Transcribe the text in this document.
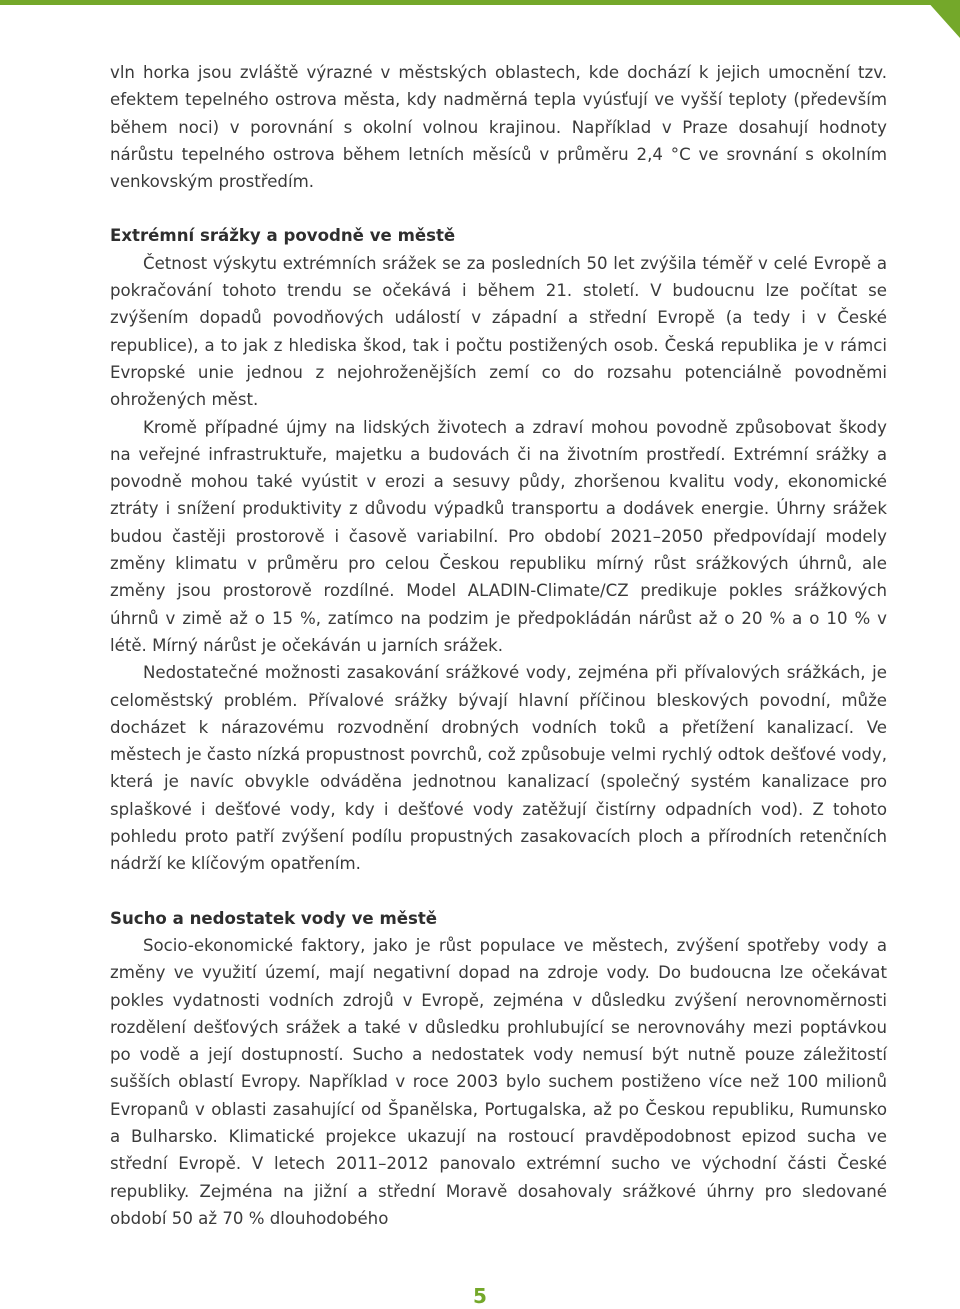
vln horka jsou zvláště výrazné v městských oblastech, kde dochází k jejich umocnění tzv. efektem tepelného ostrova města, kdy nadměrná tepla vyúsťují ve vyšší teploty (především během noci) v porovnání s okolní volnou krajinou. Například v Praze dosahují hodnoty nárůstu tepelného ostrova během letních měsíců v průměru 2,4 °C ve srovnání s okolním venkovským prostředím.

Extrémní srážky a povodně ve městě

Četnost výskytu extrémních srážek se za posledních 50 let zvýšila téměř v celé Evropě a pokračování tohoto trendu se očekává i během 21. století. V budoucnu lze počítat se zvýšením dopadů povodňových událostí v západní a střední Evropě (a tedy i v České republice), a to jak z hlediska škod, tak i počtu postižených osob. Česká republika je v rámci Evropské unie jednou z nejohroženějších zemí co do rozsahu potenciálně povodněmi ohrožených měst.

Kromě případné újmy na lidských životech a zdraví mohou povodně způsobovat škody na veřejné infrastruktuře, majetku a budovách či na životním prostředí. Extrémní srážky a povodně mohou také vyústit v erozi a sesuvy půdy, zhoršenou kvalitu vody, ekonomické ztráty i snížení produktivity z důvodu výpadků transportu a dodávek energie. Úhrny srážek budou častěji prostorově i časově variabilní. Pro období 2021–2050 předpovídají modely změny klimatu v průměru pro celou Českou republiku mírný růst srážkových úhrnů, ale změny jsou prostorově rozdílné. Model ALADIN-Climate/CZ predikuje pokles srážkových úhrnů v zimě až o 15 %, zatímco na podzim je předpokládán nárůst až o 20 % a o 10 % v létě. Mírný nárůst je očekáván u jarních srážek.

Nedostatečné možnosti zasakování srážkové vody, zejména při přívalových srážkách, je celoměstský problém. Přívalové srážky bývají hlavní příčinou bleskových povodní, může docházet k nárazovému rozvodnění drobných vodních toků a přetížení kanalizací. Ve městech je často nízká propustnost povrchů, což způsobuje velmi rychlý odtok dešťové vody, která je navíc obvykle odváděna jednotnou kanalizací (společný systém kanalizace pro splaškové i dešťové vody, kdy i dešťové vody zatěžují čistírny odpadních vod). Z tohoto pohledu proto patří zvýšení podílu propustných zasakovacích ploch a přírodních retenčních nádrží ke klíčovým opatřením.

Sucho a nedostatek vody ve městě

Socio-ekonomické faktory, jako je růst populace ve městech, zvýšení spotřeby vody a změny ve využití území, mají negativní dopad na zdroje vody. Do budoucna lze očekávat pokles vydatnosti vodních zdrojů v Evropě, zejména v důsledku zvýšení nerovnoměrnosti rozdělení dešťových srážek a také v důsledku prohlubující se nerovnováhy mezi poptávkou po vodě a její dostupností. Sucho a nedostatek vody nemusí být nutně pouze záležitostí sušších oblastí Evropy. Například v roce 2003 bylo suchem postiženo více než 100 milionů Evropanů v oblasti zasahující od Španělska, Portugalska, až po Českou republiku, Rumunsko a Bulharsko. Klimatické projekce ukazují na rostoucí pravděpodobnost epizod sucha ve střední Evropě. V letech 2011–2012 panovalo extrémní sucho ve východní části České republiky. Zejména na jižní a střední Moravě dosahovaly srážkové úhrny pro sledované období 50 až 70 % dlouhodobého

5
